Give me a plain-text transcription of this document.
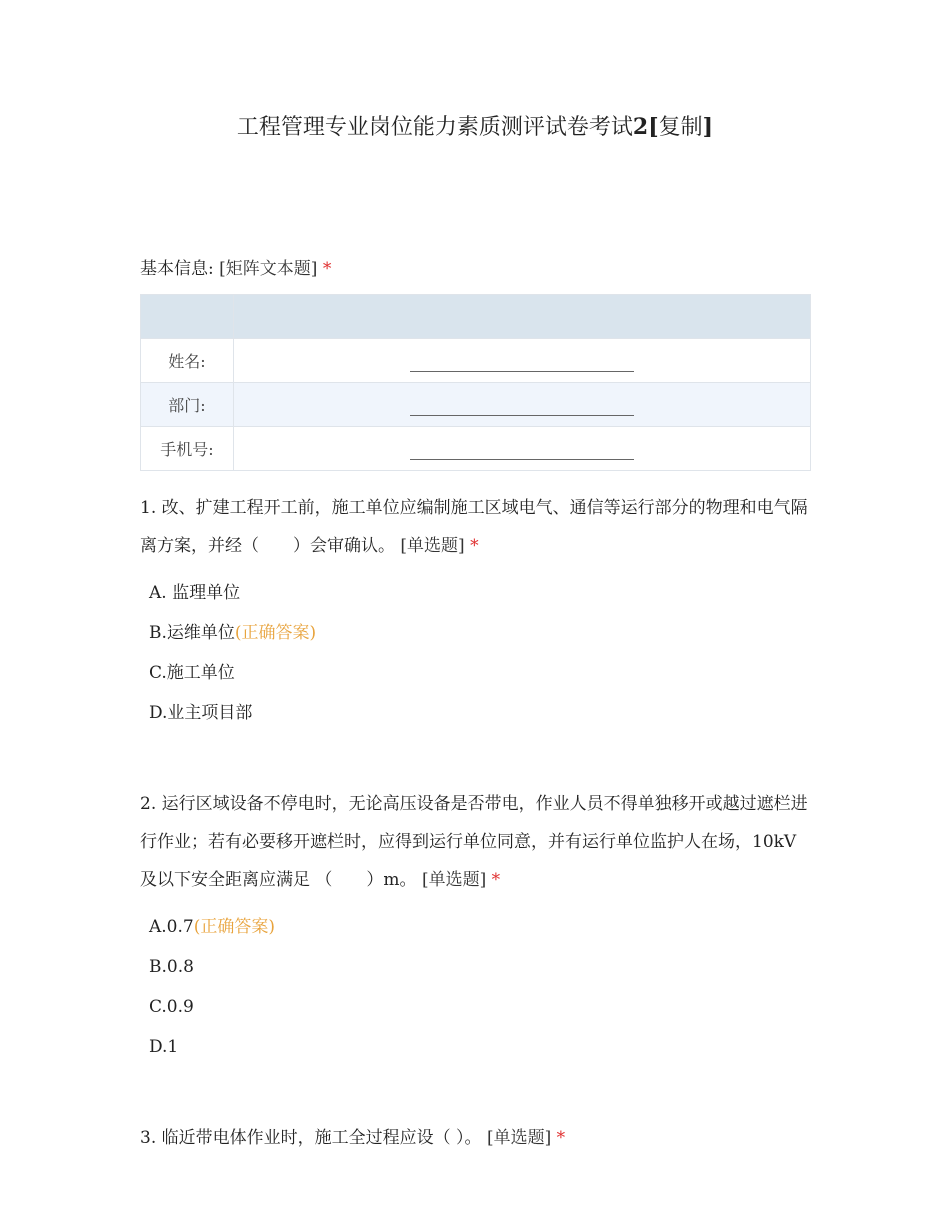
工程管理专业岗位能力素质测评试卷考试2[复制]
基本信息: [矩阵文本题] *

姓名:	
部门:	
手机号:	
1. 改、扩建工程开工前，施工单位应编制施工区域电气、通信等运行部分的物理和电气隔离方案，并经（　　）会审确认。 [单选题] *
A. 监理单位
B.运维单位(正确答案)
C.施工单位
D.业主项目部
2. 运行区域设备不停电时，无论高压设备是否带电，作业人员不得单独移开或越过遮栏进行作业；若有必要移开遮栏时，应得到运行单位同意，并有运行单位监护人在场，10kV 及以下安全距离应满足 （　　）m。 [单选题] *
A.0.7(正确答案)
B.0.8
C.0.9
D.1
3. 临近带电体作业时，施工全过程应设（ ）。 [单选题] *
